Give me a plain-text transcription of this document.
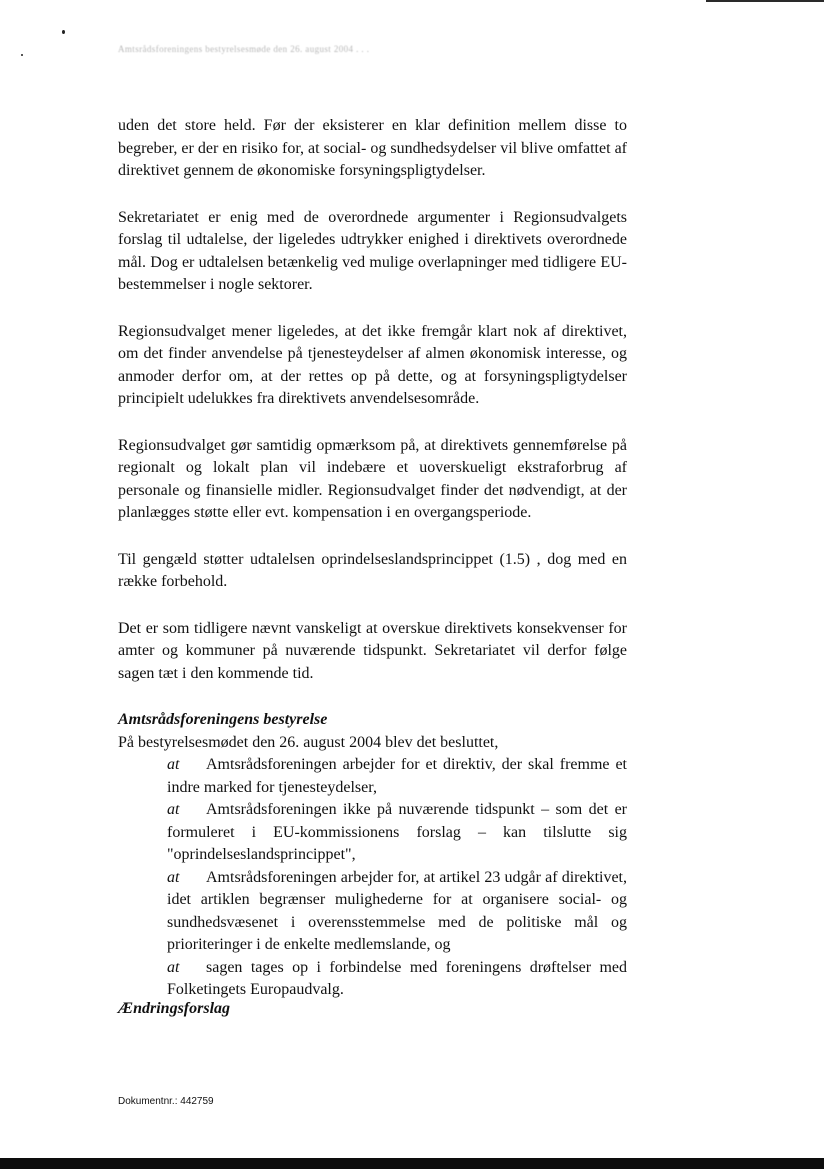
Amtsrådsforeningens bestyrelsesmøde den 26. august 2004 . . .

uden det store held. Før der eksisterer en klar definition mellem disse to begreber, er der en risiko for, at social- og sundhedsydelser vil blive omfattet af direktivet gennem de økonomiske forsyningspligtydelser.

Sekretariatet er enig med de overordnede argumenter i Regionsudvalgets forslag til udtalelse, der ligeledes udtrykker enighed i direktivets overordnede mål. Dog er udtalelsen betænkelig ved mulige overlapninger med tidligere EU-bestemmelser i nogle sektorer.

Regionsudvalget mener ligeledes, at det ikke fremgår klart nok af direktivet, om det finder anvendelse på tjenesteydelser af almen økonomisk interesse, og anmoder derfor om, at der rettes op på dette, og at forsyningspligtydelser principielt udelukkes fra direktivets anvendelsesområde.

Regionsudvalget gør samtidig opmærksom på, at direktivets gennemførelse på regionalt og lokalt plan vil indebære et uoverskueligt ekstraforbrug af personale og finansielle midler. Regionsudvalget finder det nødvendigt, at der planlægges støtte eller evt. kompensation i en overgangsperiode.

Til gengæld støtter udtalelsen oprindelseslandsprincippet (1.5) , dog med en række forbehold.

Det er som tidligere nævnt vanskeligt at overskue direktivets konsekvenser for amter og kommuner på nuværende tidspunkt. Sekretariatet vil derfor følge sagen tæt i den kommende tid.

Amtsrådsforeningens bestyrelse

På bestyrelsesmødet den 26. august 2004 blev det besluttet,

at Amtsrådsforeningen arbejder for et direktiv, der skal fremme et indre marked for tjenesteydelser,
at Amtsrådsforeningen ikke på nuværende tidspunkt – som det er formuleret i EU-kommissionens forslag – kan tilslutte sig "oprindelseslandsprincippet",
at Amtsrådsforeningen arbejder for, at artikel 23 udgår af direktivet, idet artiklen begrænser mulighederne for at organisere social- og sundhedsvæsenet i overensstemmelse med de politiske mål og prioriteringer i de enkelte medlemslande, og
at sagen tages op i forbindelse med foreningens drøftelser med Folketingets Europaudvalg.

Ændringsforslag

Dokumentnr.: 442759
